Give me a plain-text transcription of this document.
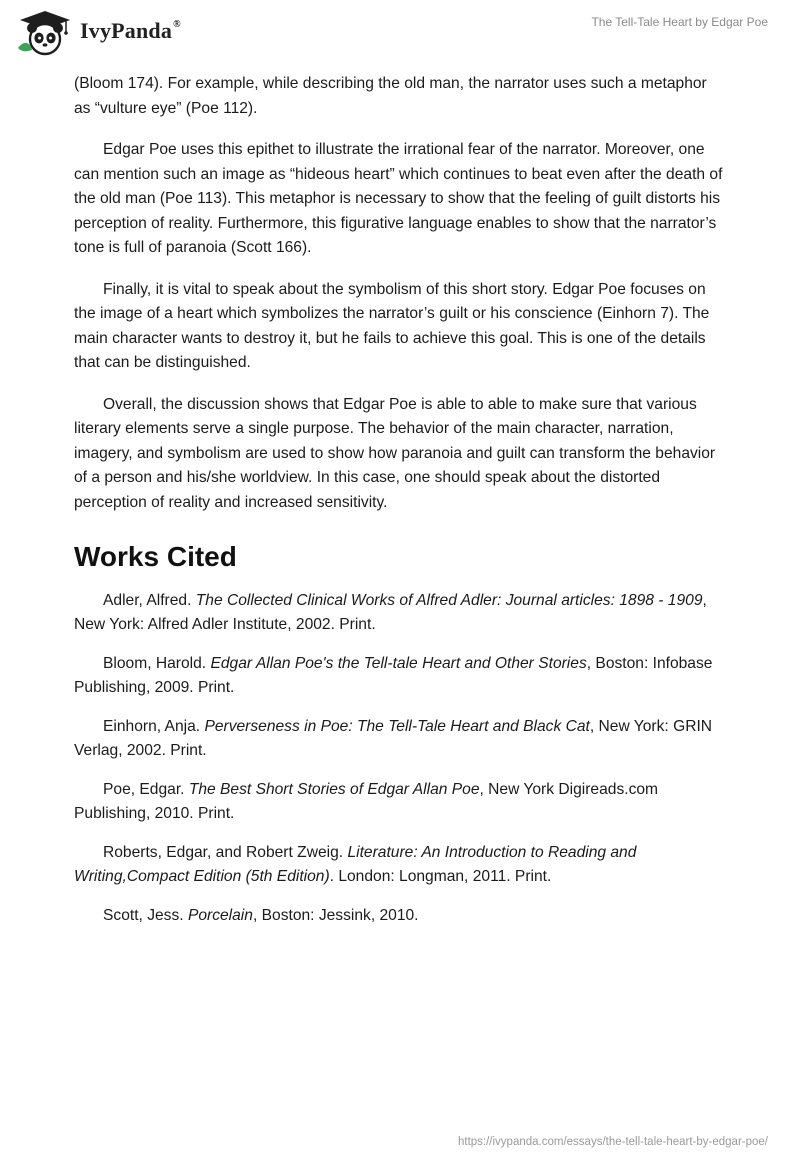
IvyPanda®	The Tell-Tale Heart by Edgar Poe

(Bloom 174). For example, while describing the old man, the narrator uses such a metaphor as “vulture eye” (Poe 112).

Edgar Poe uses this epithet to illustrate the irrational fear of the narrator. Moreover, one can mention such an image as “hideous heart” which continues to beat even after the death of the old man (Poe 113). This metaphor is necessary to show that the feeling of guilt distorts his perception of reality. Furthermore, this figurative language enables to show that the narrator’s tone is full of paranoia (Scott 166).

Finally, it is vital to speak about the symbolism of this short story. Edgar Poe focuses on the image of a heart which symbolizes the narrator’s guilt or his conscience (Einhorn 7). The main character wants to destroy it, but he fails to achieve this goal. This is one of the details that can be distinguished.

Overall, the discussion shows that Edgar Poe is able to able to make sure that various literary elements serve a single purpose. The behavior of the main character, narration, imagery, and symbolism are used to show how paranoia and guilt can transform the behavior of a person and his/she worldview. In this case, one should speak about the distorted perception of reality and increased sensitivity.

Works Cited

Adler, Alfred. The Collected Clinical Works of Alfred Adler: Journal articles: 1898 - 1909, New York: Alfred Adler Institute, 2002. Print.

Bloom, Harold. Edgar Allan Poe's the Tell-tale Heart and Other Stories, Boston: Infobase Publishing, 2009. Print.

Einhorn, Anja. Perverseness in Poe: The Tell-Tale Heart and Black Cat, New York: GRIN Verlag, 2002. Print.

Poe, Edgar. The Best Short Stories of Edgar Allan Poe, New York Digireads.com Publishing, 2010. Print.

Roberts, Edgar, and Robert Zweig. Literature: An Introduction to Reading and Writing,Compact Edition (5th Edition). London: Longman, 2011. Print.

Scott, Jess. Porcelain, Boston: Jessink, 2010.

https://ivypanda.com/essays/the-tell-tale-heart-by-edgar-poe/
